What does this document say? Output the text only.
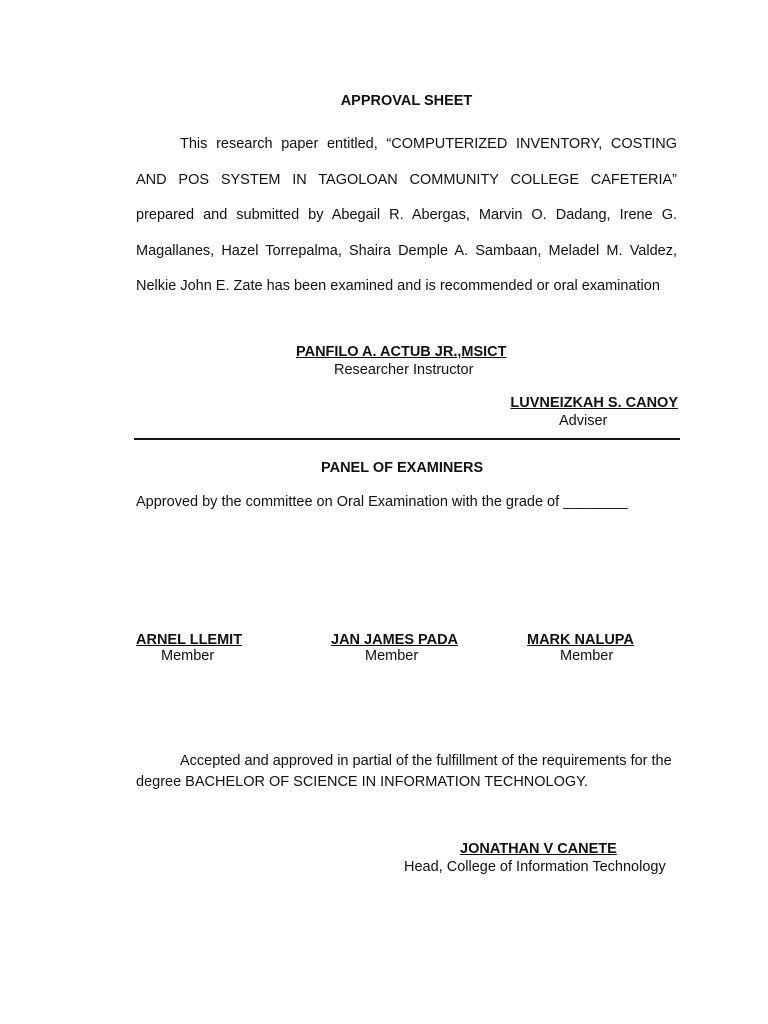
APPROVAL SHEET

This research paper entitled, “COMPUTERIZED INVENTORY, COSTING AND POS SYSTEM IN TAGOLOAN COMMUNITY COLLEGE CAFETERIA” prepared and submitted by Abegail R. Abergas, Marvin O. Dadang, Irene G. Magallanes, Hazel Torrepalma, Shaira Demple A. Sambaan, Meladel M. Valdez, Nelkie John E. Zate has been examined and is recommended or oral examination

PANFILO A. ACTUB JR.,MSICT

Researcher Instructor

LUVNEIZKAH S. CANOY

Adviser

PANEL OF EXAMINERS

Approved by the committee on Oral Examination with the grade of ________

ARNEL LLEMIT
Member
JAN JAMES PADA
Member
MARK NALUPA
Member

Accepted and approved in partial of the fulfillment of the requirements for the degree BACHELOR OF SCIENCE IN INFORMATION TECHNOLOGY.

JONATHAN V CANETE

Head, College of Information Technology
